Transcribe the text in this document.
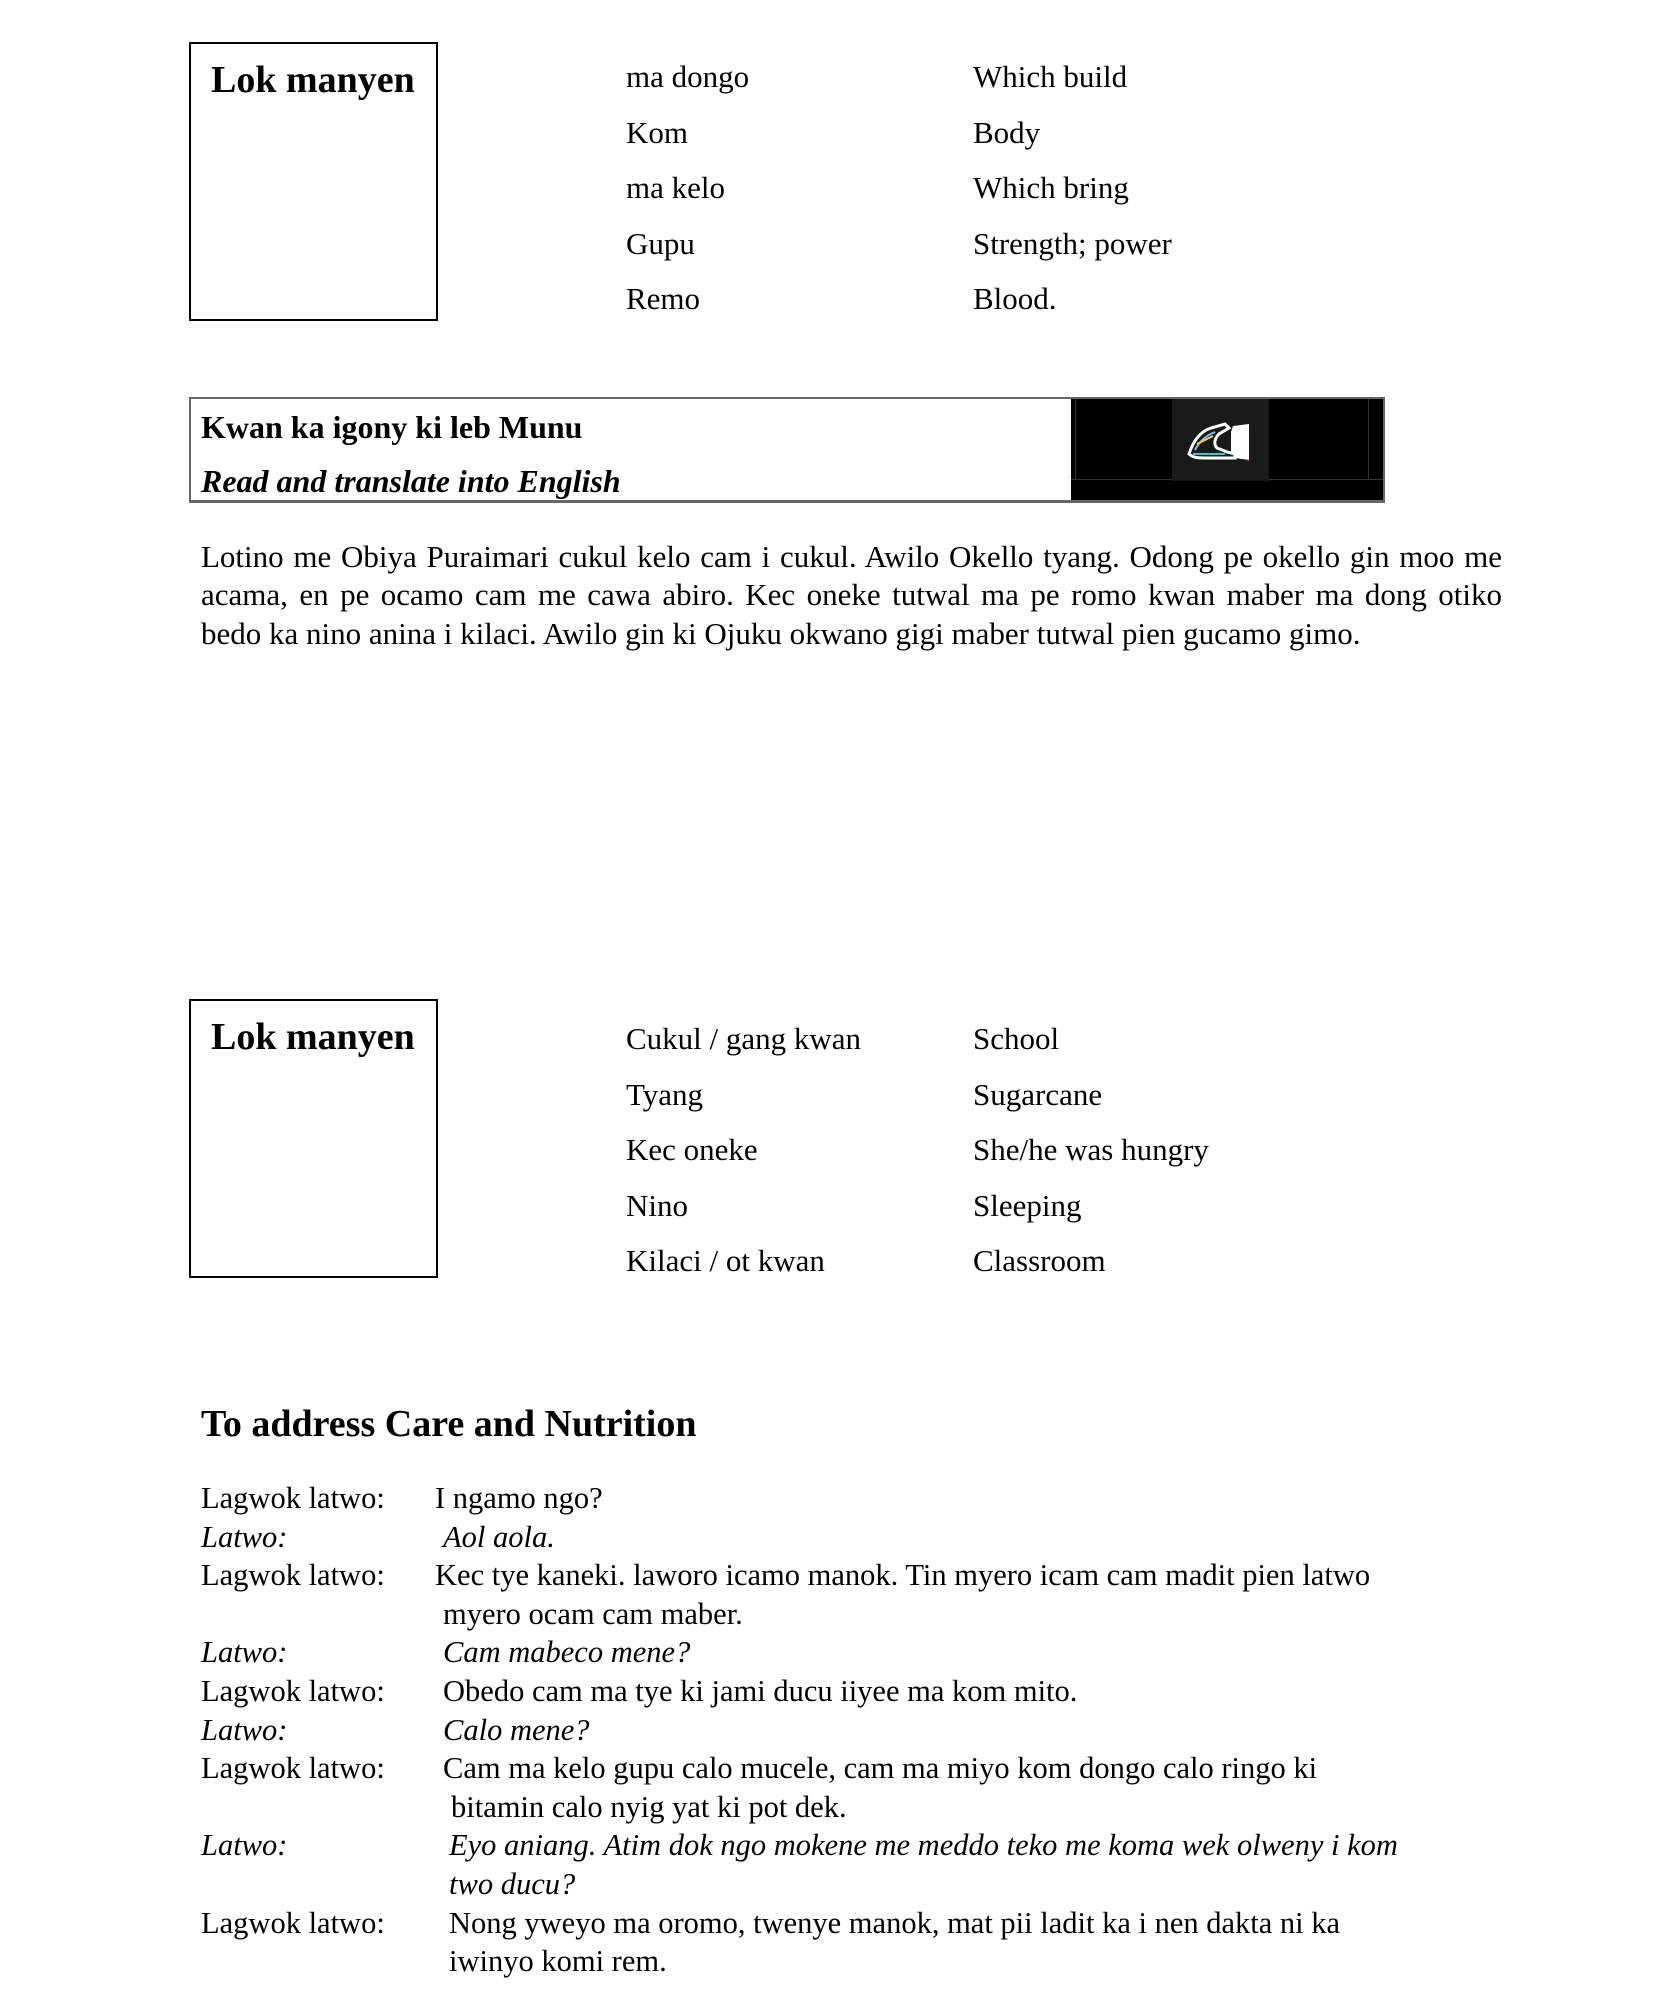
Lok manyen	ma dongo	Which build
Kom	Body
ma kelo	Which bring
Gupu	Strength; power
Remo	Blood.
Kwan ka igony ki leb Munu
Read and translate into English
Lotino me Obiya Puraimari cukul kelo cam i cukul. Awilo Okello tyang. Odong pe okello gin moo me acama, en pe ocamo cam me cawa abiro. Kec oneke tutwal ma pe romo kwan maber ma dong otiko bedo ka nino anina i kilaci. Awilo gin ki Ojuku okwano gigi maber tutwal pien gucamo gimo.
Lok manyen	Cukul / gang kwan	School
Tyang	Sugarcane
Kec oneke	She/he was hungry
Nino	Sleeping
Kilaci / ot kwan	Classroom
To address Care and Nutrition
Lagwok latwo: I ngamo ngo?
Latwo:	Aol aola.
Lagwok latwo: Kec tye kaneki. laworo icamo manok. Tin myero icam cam madit pien latwo
myero ocam cam maber.
Latwo:	Cam mabeco mene?
Lagwok latwo: Obedo cam ma tye ki jami ducu iiyee ma kom mito.
Latwo:	Calo mene?
Lagwok latwo: Cam ma kelo gupu calo mucele, cam ma miyo kom dongo calo ringo ki
bitamin calo nyig yat ki pot dek.
Latwo:	Eyo aniang. Atim dok ngo mokene me meddo teko me koma wek olweny i kom
two ducu?
Lagwok latwo:	Nong yweyo ma oromo, twenye manok, mat pii ladit ka i nen dakta ni ka
iwinyo komi rem.
